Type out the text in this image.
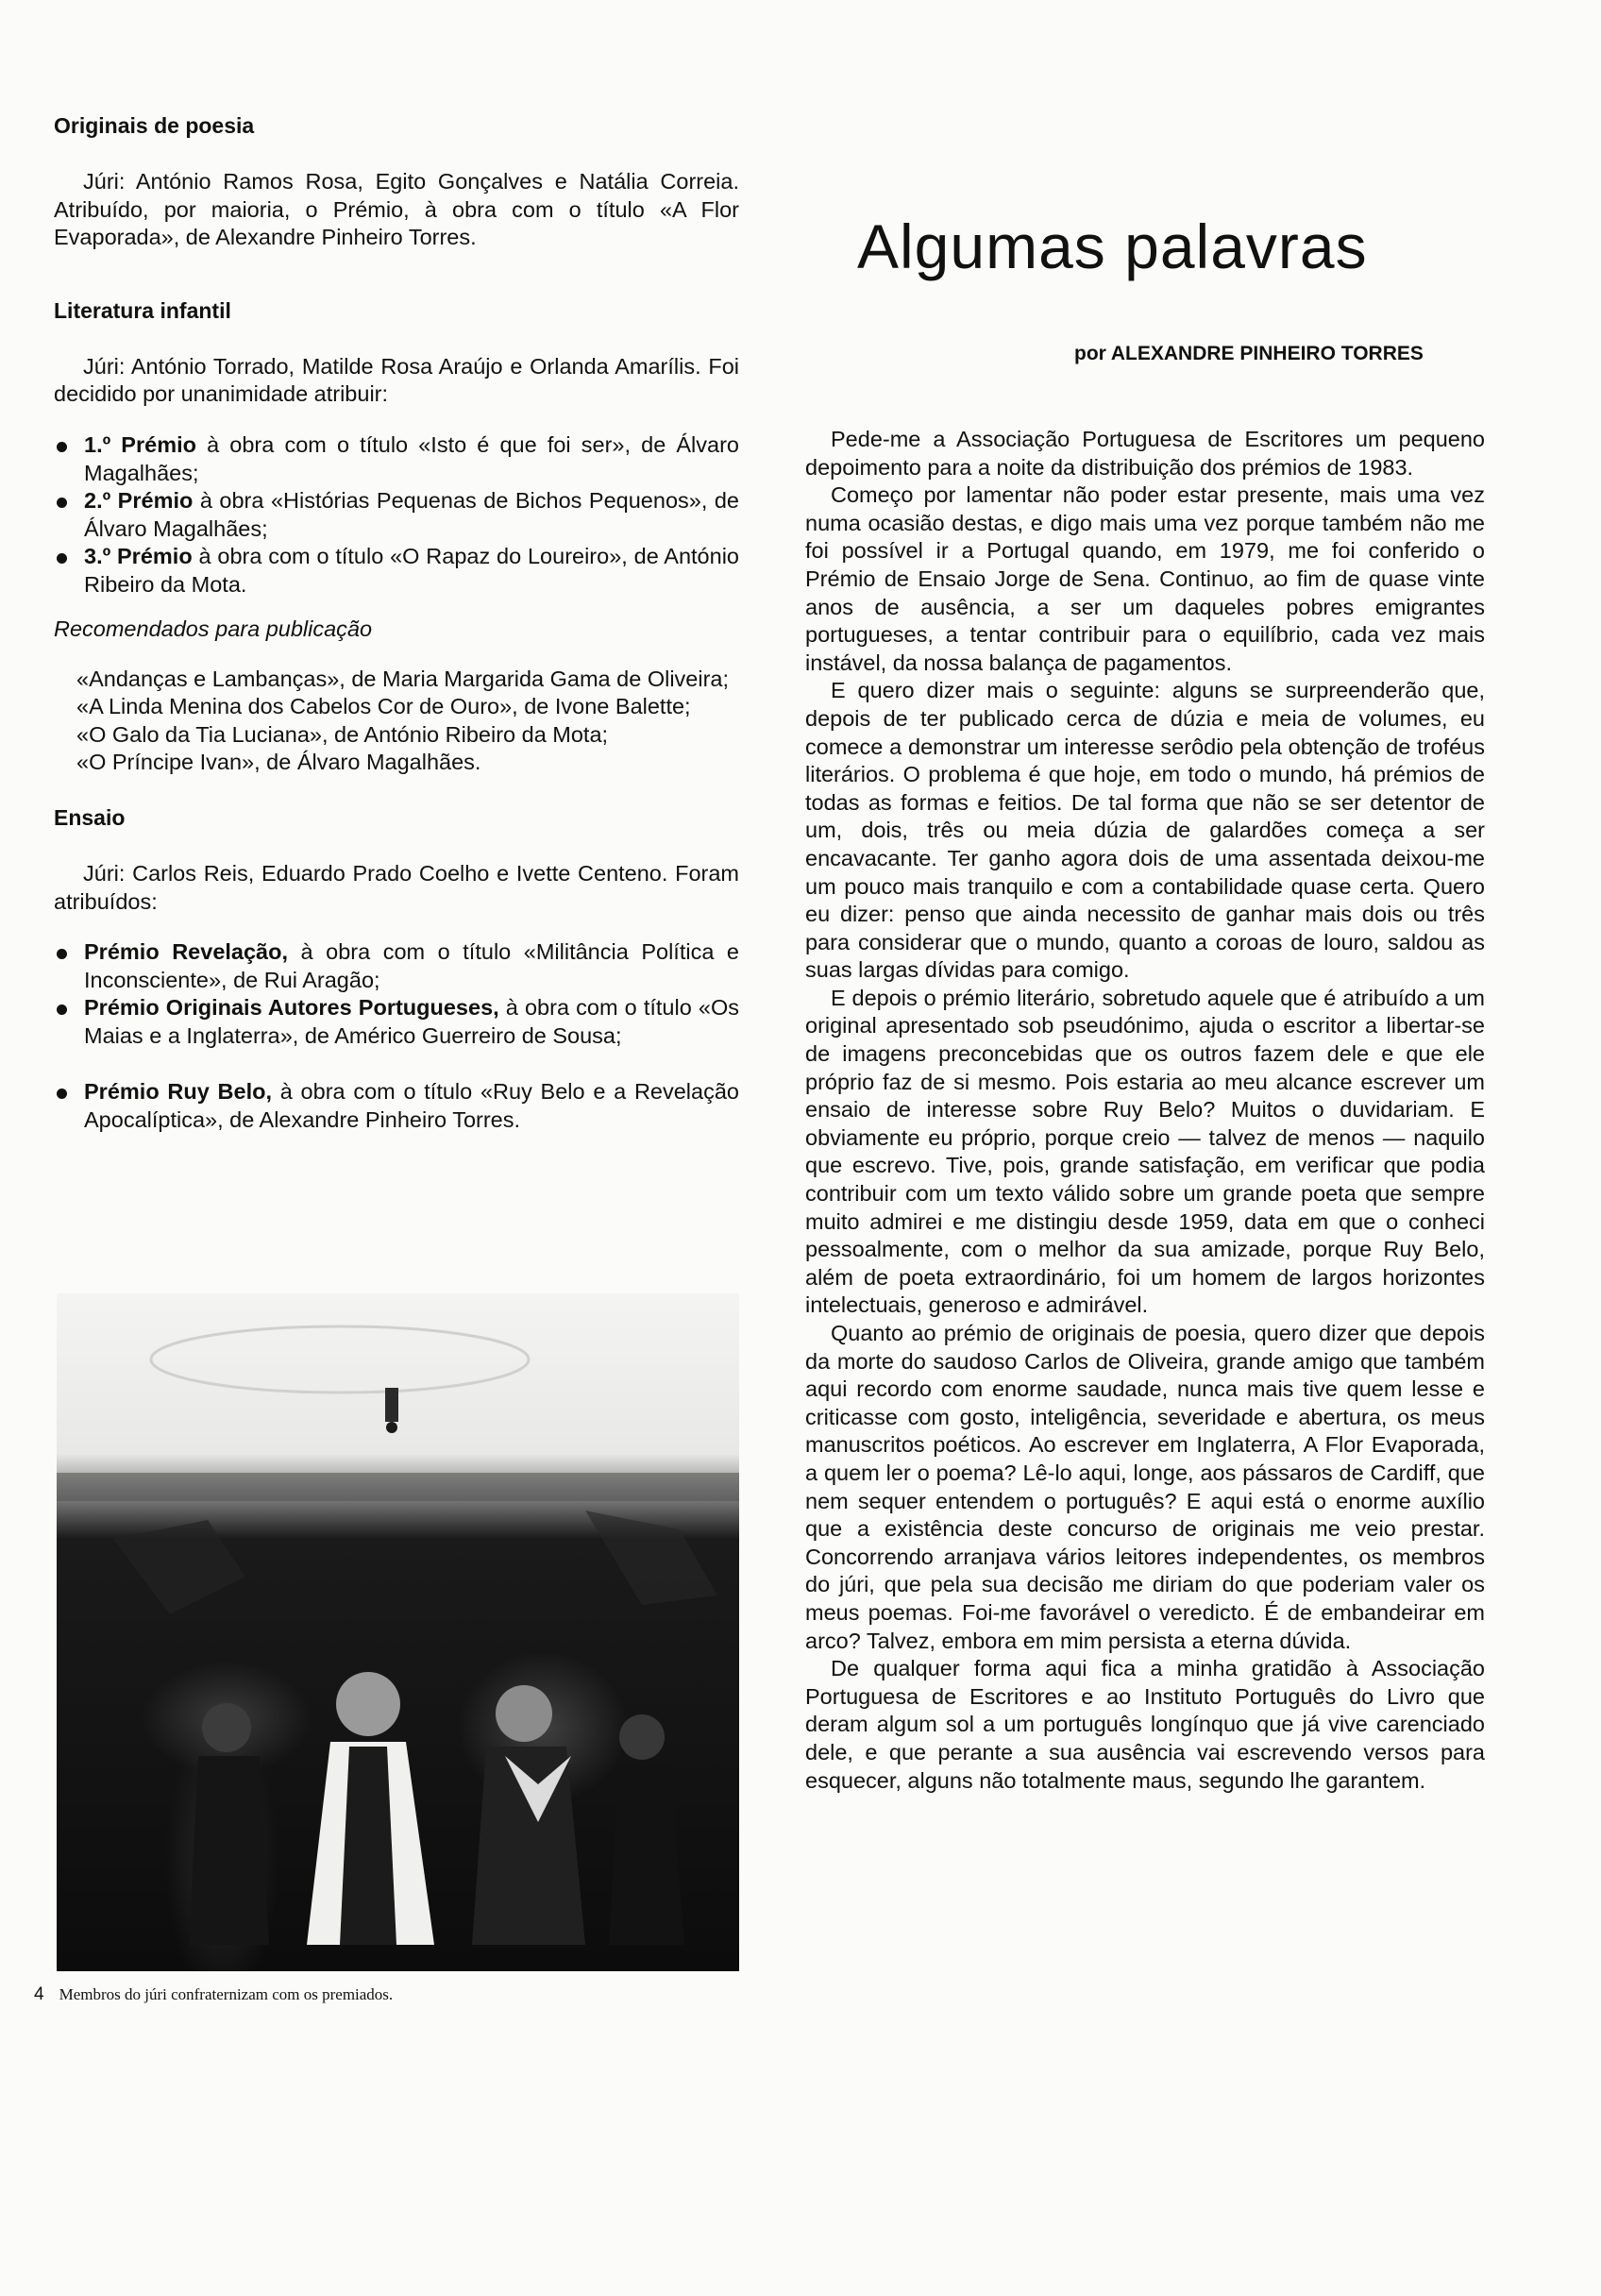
Originais de poesia

Júri: António Ramos Rosa, Egito Gonçalves e Natália Correia. Atribuído, por maioria, o Prémio, à obra com o título «A Flor Evaporada», de Alexandre Pinheiro Torres.

Literatura infantil

Júri: António Torrado, Matilde Rosa Araújo e Orlanda Amarílis. Foi decidido por unanimidade atribuir:

1.º Prémio à obra com o título «Isto é que foi ser», de Álvaro Magalhães;
2.º Prémio à obra «Histórias Pequenas de Bichos Pequenos», de Álvaro Magalhães;
3.º Prémio à obra com o título «O Rapaz do Loureiro», de António Ribeiro da Mota.

Recomendados para publicação

«Andanças e Lambanças», de Maria Margarida Gama de Oliveira;

«A Linda Menina dos Cabelos Cor de Ouro», de Ivone Balette;

«O Galo da Tia Luciana», de António Ribeiro da Mota;

«O Príncipe Ivan», de Álvaro Magalhães.

Ensaio

Júri: Carlos Reis, Eduardo Prado Coelho e Ivette Centeno. Foram atribuídos:

Prémio Revelação, à obra com o título «Militância Política e Inconsciente», de Rui Aragão;
Prémio Originais Autores Portugueses, à obra com o título «Os Maias e a Inglaterra», de Américo Guerreiro de Sousa;
Prémio Ruy Belo, à obra com o título «Ruy Belo e a Revelação Apocalíptica», de Alexandre Pinheiro Torres.
4 Membros do júri confraternizam com os premiados.
Algumas palavras

por ALEXANDRE PINHEIRO TORRES

Pede-me a Associação Portuguesa de Escritores um pequeno depoimento para a noite da distribuição dos prémios de 1983.

Começo por lamentar não poder estar presente, mais uma vez numa ocasião destas, e digo mais uma vez porque também não me foi possível ir a Portugal quando, em 1979, me foi conferido o Prémio de Ensaio Jorge de Sena. Continuo, ao fim de quase vinte anos de ausência, a ser um daqueles pobres emigrantes portugueses, a tentar contribuir para o equilíbrio, cada vez mais instável, da nossa balança de pagamentos.

E quero dizer mais o seguinte: alguns se surpreenderão que, depois de ter publicado cerca de dúzia e meia de volumes, eu comece a demonstrar um interesse serôdio pela obtenção de troféus literários. O problema é que hoje, em todo o mundo, há prémios de todas as formas e feitios. De tal forma que não se ser detentor de um, dois, três ou meia dúzia de galardões começa a ser encavacante. Ter ganho agora dois de uma assentada deixou-me um pouco mais tranquilo e com a contabilidade quase certa. Quero eu dizer: penso que ainda necessito de ganhar mais dois ou três para considerar que o mundo, quanto a coroas de louro, saldou as suas largas dívidas para comigo.

E depois o prémio literário, sobretudo aquele que é atribuído a um original apresentado sob pseudónimo, ajuda o escritor a libertar-se de imagens preconcebidas que os outros fazem dele e que ele próprio faz de si mesmo. Pois estaria ao meu alcance escrever um ensaio de interesse sobre Ruy Belo? Muitos o duvidariam. E obviamente eu próprio, porque creio — talvez de menos — naquilo que escrevo. Tive, pois, grande satisfação, em verificar que podia contribuir com um texto válido sobre um grande poeta que sempre muito admirei e me distingiu desde 1959, data em que o conheci pessoalmente, com o melhor da sua amizade, porque Ruy Belo, além de poeta extraordinário, foi um homem de largos horizontes intelectuais, generoso e admirável.

Quanto ao prémio de originais de poesia, quero dizer que depois da morte do saudoso Carlos de Oliveira, grande amigo que também aqui recordo com enorme saudade, nunca mais tive quem lesse e criticasse com gosto, inteligência, severidade e abertura, os meus manuscritos poéticos. Ao escrever em Inglaterra, A Flor Evaporada, a quem ler o poema? Lê-lo aqui, longe, aos pássaros de Cardiff, que nem sequer entendem o português? E aqui está o enorme auxílio que a existência deste concurso de originais me veio prestar. Concorrendo arranjava vários leitores independentes, os membros do júri, que pela sua decisão me diriam do que poderiam valer os meus poemas. Foi-me favorável o veredicto. É de embandeirar em arco? Talvez, embora em mim persista a eterna dúvida.

De qualquer forma aqui fica a minha gratidão à Associação Portuguesa de Escritores e ao Instituto Português do Livro que deram algum sol a um português longínquo que já vive carenciado dele, e que perante a sua ausência vai escrevendo versos para esquecer, alguns não totalmente maus, segundo lhe garantem.
